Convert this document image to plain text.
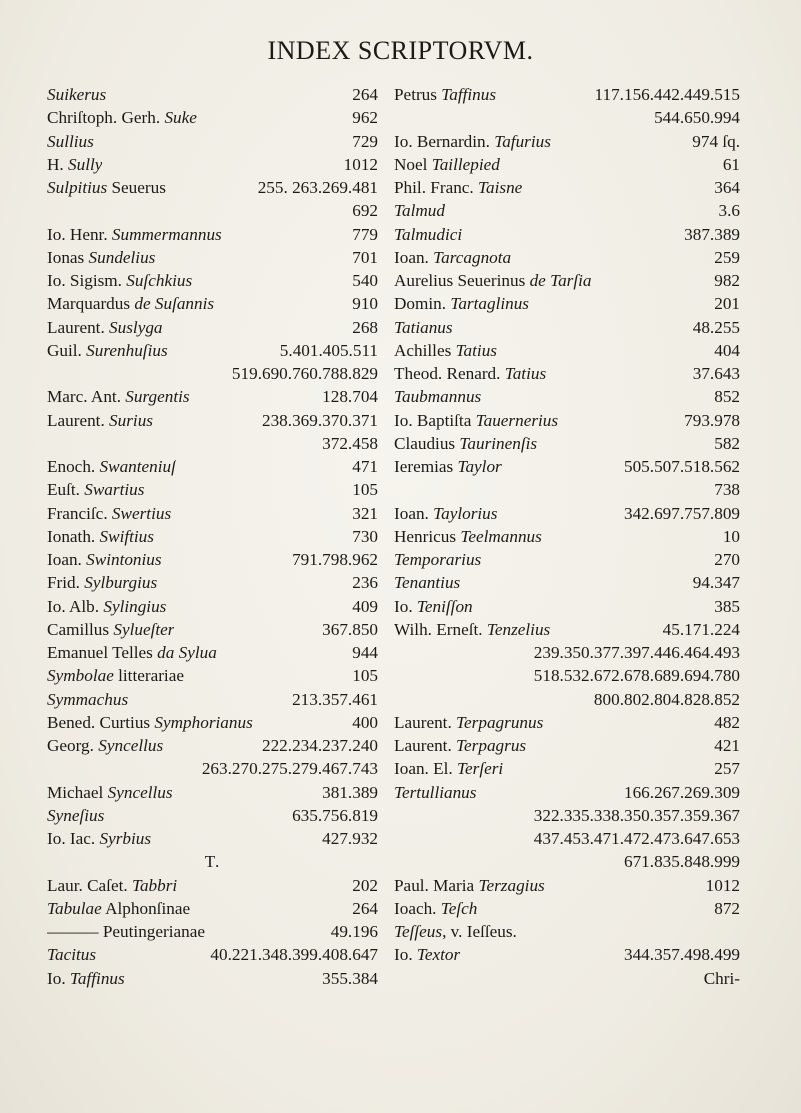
INDEX SCRIPTORVM.
Suikerus	264
Chriſtoph. Gerh. Suke	962
Sullius	729
H. Sully	1012
Sulpitius Seuerus	255. 263.269.481
692
Io. Henr. Summermannus	779
Ionas Sundelius	701
Io. Sigism. Suſchkius	540
Marquardus de Suſannis	910
Laurent. Suslyga	268
Guil. Surenhuſius	5.401.405.511
519.690.760.788.829
Marc. Ant. Surgentis	128.704
Laurent. Surius	238.369.370.371
372.458
Enoch. Swanteniuſ	471
Euſt. Swartius	105
Franciſc. Swertius	321
Ionath. Swiftius	730
Ioan. Swintonius	791.798.962
Frid. Sylburgius	236
Io. Alb. Sylingius	409
Camillus Sylueſter	367.850
Emanuel Telles da Sylua	944
Symbolae litterariae	105
Symmachus	213.357.461
Bened. Curtius Symphorianus	400
Georg. Syncellus	222.234.237.240
263.270.275.279.467.743
Michael Syncellus	381.389
Syneſius	635.756.819
Io. Iac. Syrbius	427.932
T.
Laur. Caſet. Tabbri	202
Tabulae Alphonſinae	264
——— Peutingerianae	49.196
Tacitus	40.221.348.399.408.647
Io. Taffinus	355.384
Petrus Taffinus	117.156.442.449.515
544.650.994
Io. Bernardin. Tafurius	974 ſq.
Noel Taillepied	61
Phil. Franc. Taisne	364
Talmud	3.6
Talmudici	387.389
Ioan. Tarcagnota	259
Aurelius Seuerinus de Tarſia	982
Domin. Tartaglinus	201
Tatianus	48.255
Achilles Tatius	404
Theod. Renard. Tatius	37.643
Taubmannus	852
Io. Baptiſta Tauernerius	793.978
Claudius Taurinenſis	582
Ieremias Taylor	505.507.518.562
738
Ioan. Taylorius	342.697.757.809
Henricus Teelmannus	10
Temporarius	270
Tenantius	94.347
Io. Teniſſon	385
Wilh. Erneſt. Tenzelius	45.171.224
239.350.377.397.446.464.493
518.532.672.678.689.694.780
800.802.804.828.852
Laurent. Terpagrunus	482
Laurent. Terpagrus	421
Ioan. El. Terſeri	257
Tertullianus	166.267.269.309
322.335.338.350.357.359.367
437.453.471.472.473.647.653
671.835.848.999
Paul. Maria Terzagius	1012
Ioach. Teſch	872
Teſſeus, v. Ieſſeus.
Io. Textor	344.357.498.499
Chri-
